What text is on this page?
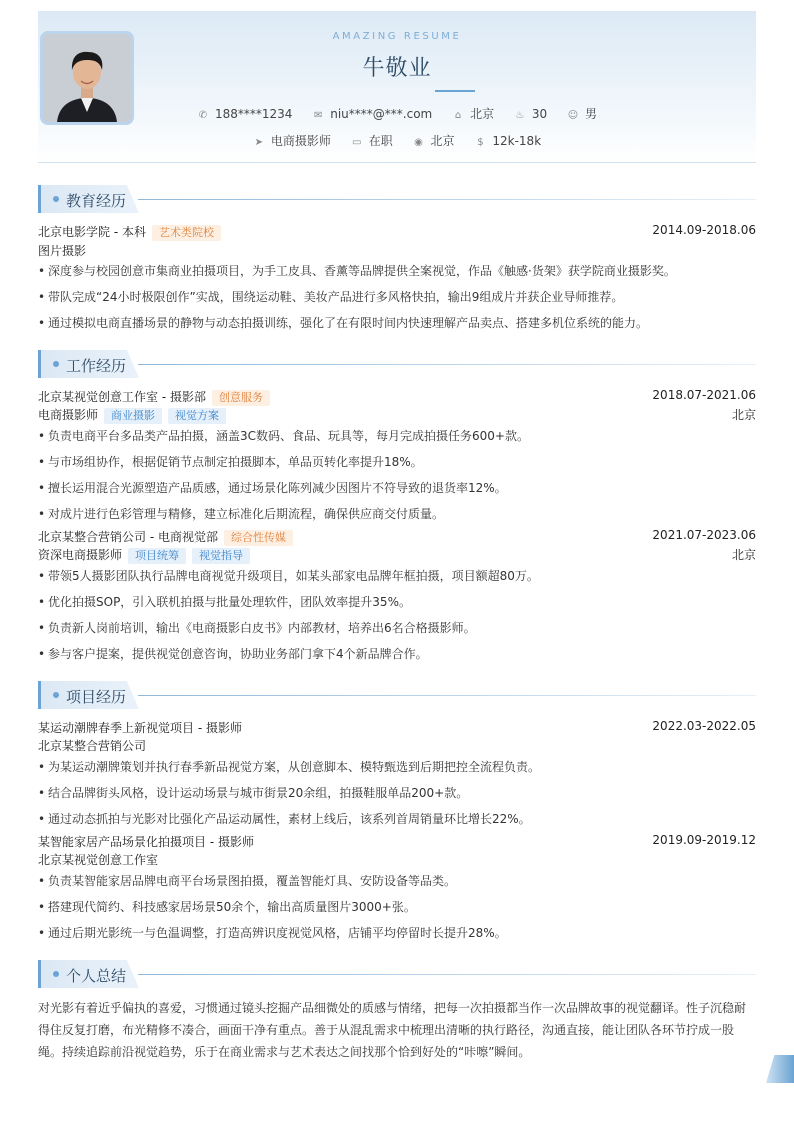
AMAZING RESUME
牛敬业
✆ 188****1234 ✉ niu****@***.com ⌂ 北京 ♨ 30 ☺ 男
➤ 电商摄影师 ▭ 在职 ◉ 北京 $ 12k-18k
教育经历
北京电影学院 - 本科 艺术类院校	2014.09-2018.06
图片摄影
• 深度参与校园创意市集商业拍摄项目，为手工皮具、香薰等品牌提供全案视觉，作品《触感·货架》获学院商业摄影奖。
• 带队完成“24小时极限创作”实战，围绕运动鞋、美妆产品进行多风格快拍，输出9组成片并获企业导师推荐。
• 通过模拟电商直播场景的静物与动态拍摄训练，强化了在有限时间内快速理解产品卖点、搭建多机位系统的能力。
工作经历
北京某视觉创意工作室 - 摄影部 创意服务	2018.07-2021.06
电商摄影师 商业摄影 视觉方案	北京
• 负责电商平台多品类产品拍摄，涵盖3C数码、食品、玩具等，每月完成拍摄任务600+款。
• 与市场组协作，根据促销节点制定拍摄脚本，单品页转化率提升18%。
• 擅长运用混合光源塑造产品质感，通过场景化陈列减少因图片不符导致的退货率12%。
• 对成片进行色彩管理与精修，建立标准化后期流程，确保供应商交付质量。
北京某整合营销公司 - 电商视觉部 综合性传媒	2021.07-2023.06
资深电商摄影师 项目统筹 视觉指导	北京
• 带领5人摄影团队执行品牌电商视觉升级项目，如某头部家电品牌年框拍摄，项目额超80万。
• 优化拍摄SOP，引入联机拍摄与批量处理软件，团队效率提升35%。
• 负责新人岗前培训，输出《电商摄影白皮书》内部教材，培养出6名合格摄影师。
• 参与客户提案，提供视觉创意咨询，协助业务部门拿下4个新品牌合作。
项目经历
某运动潮牌春季上新视觉项目 - 摄影师	2022.03-2022.05
北京某整合营销公司
• 为某运动潮牌策划并执行春季新品视觉方案，从创意脚本、模特甄选到后期把控全流程负责。
• 结合品牌街头风格，设计运动场景与城市街景20余组，拍摄鞋服单品200+款。
• 通过动态抓拍与光影对比强化产品运动属性，素材上线后，该系列首周销量环比增长22%。
某智能家居产品场景化拍摄项目 - 摄影师	2019.09-2019.12
北京某视觉创意工作室
• 负责某智能家居品牌电商平台场景图拍摄，覆盖智能灯具、安防设备等品类。
• 搭建现代简约、科技感家居场景50余个，输出高质量图片3000+张。
• 通过后期光影统一与色温调整，打造高辨识度视觉风格，店铺平均停留时长提升28%。
个人总结
对光影有着近乎偏执的喜爱，习惯通过镜头挖掘产品细微处的质感与情绪，把每一次拍摄都当作一次品牌故事的视觉翻译。性子沉稳耐
得住反复打磨，布光精修不凑合，画面干净有重点。善于从混乱需求中梳理出清晰的执行路径，沟通直接，能让团队各环节拧成一股
绳。持续追踪前沿视觉趋势，乐于在商业需求与艺术表达之间找那个恰到好处的“咔嚓”瞬间。
